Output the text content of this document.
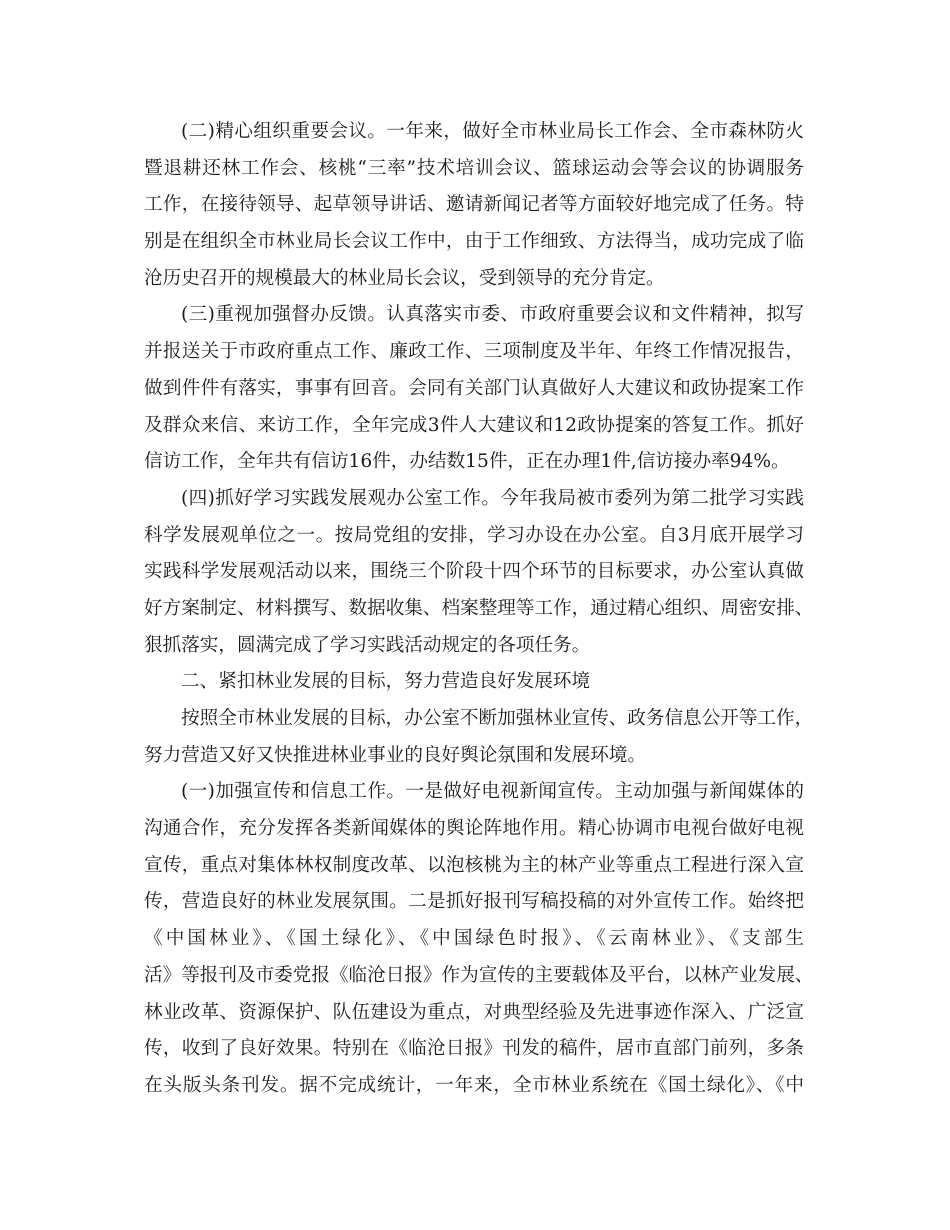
(二)精心组织重要会议。一年来，做好全市林业局长工作会、全市森林防火
暨退耕还林工作会、核桃“三率”技术培训会议、篮球运动会等会议的协调服务
工作，在接待领导、起草领导讲话、邀请新闻记者等方面较好地完成了任务。特
别是在组织全市林业局长会议工作中，由于工作细致、方法得当，成功完成了临
沧历史召开的规模最大的林业局长会议，受到领导的充分肯定。
(三)重视加强督办反馈。认真落实市委、市政府重要会议和文件精神，拟写
并报送关于市政府重点工作、廉政工作、三项制度及半年、年终工作情况报告，
做到件件有落实，事事有回音。会同有关部门认真做好人大建议和政协提案工作
及群众来信、来访工作，全年完成3件人大建议和12政协提案的答复工作。抓好
信访工作，全年共有信访16件，办结数15件，正在办理1件,信访接办率94%。
(四)抓好学习实践发展观办公室工作。今年我局被市委列为第二批学习实践
科学发展观单位之一。按局党组的安排，学习办设在办公室。自3月底开展学习
实践科学发展观活动以来，围绕三个阶段十四个环节的目标要求，办公室认真做
好方案制定、材料撰写、数据收集、档案整理等工作，通过精心组织、周密安排、
狠抓落实，圆满完成了学习实践活动规定的各项任务。
二、紧扣林业发展的目标，努力营造良好发展环境
按照全市林业发展的目标，办公室不断加强林业宣传、政务信息公开等工作，
努力营造又好又快推进林业事业的良好舆论氛围和发展环境。
(一)加强宣传和信息工作。一是做好电视新闻宣传。主动加强与新闻媒体的
沟通合作，充分发挥各类新闻媒体的舆论阵地作用。精心协调市电视台做好电视
宣传，重点对集体林权制度改革、以泡核桃为主的林产业等重点工程进行深入宣
传，营造良好的林业发展氛围。二是抓好报刊写稿投稿的对外宣传工作。始终把
《中国林业》、《国土绿化》、《中国绿色时报》、《云南林业》、《支部生
活》等报刊及市委党报《临沧日报》作为宣传的主要载体及平台，以林产业发展、
林业改革、资源保护、队伍建设为重点，对典型经验及先进事迹作深入、广泛宣
传，收到了良好效果。特别在《临沧日报》刊发的稿件，居市直部门前列，多条
在头版头条刊发。据不完成统计，一年来，全市林业系统在《国土绿化》、《中
